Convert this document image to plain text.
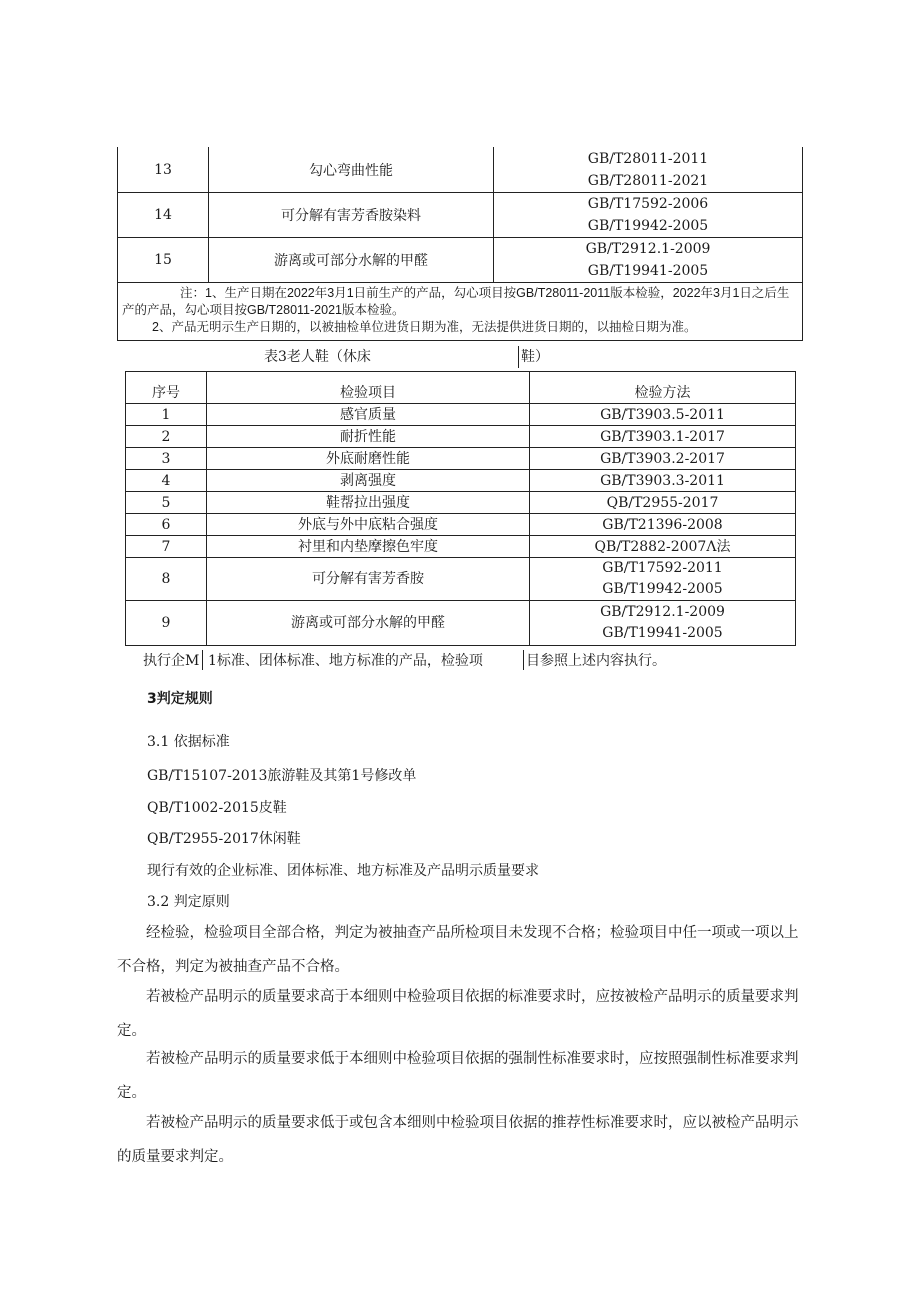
13	勾心弯曲性能	GB/T28011-2011
GB/T28011-2021

14	可分解有害芳香胺染料	GB/T17592-2006
GB/T19942-2005

15	游离或可部分水解的甲醛	GB/T2912.1-2009
GB/T19941-2005

注：1、生产日期在2022年3月1日前生产的产品，勾心项目按GB/T28011-2011版本检验，2022年3月1日之后生产的产品，勾心项目按GB/T28011-2021版本检验。
2、产品无明示生产日期的，以被抽检单位进货日期为准，无法提供进货日期的，以抽检日期为准。		
表3老人鞋（休床	鞋）
序号	检验项目	检验方法
1	感官质量	GB/T3903.5-2011
2	耐折性能	GB/T3903.1-2017
3	外底耐磨性能	GB/T3903.2-2017
4	剥离强度	GB/T3903.3-2011
5	鞋帮拉出强度	QB/T2955-2017
6	外底与外中底粘合强度	GB/T21396-2008
7	衬里和内垫摩擦色牢度	QB/T2882-2007Λ法
8	可分解有害芳香胺	GB/T17592-2011
GB/T19942-2005

9	游离或可部分水解的甲醛	GB/T2912.1-2009
GB/T19941-2005
执行企M 1标准、团体标准、地方标准的产品，检验项	目参照上述内容执行。
3判定规则
3.1 依据标准
GB/T15107-2013旅游鞋及其第1号修改单
QB/T1002-2015皮鞋
QB/T2955-2017休闲鞋
现行有效的企业标准、团体标准、地方标准及产品明示质量要求
3.2 判定原则
经检验，检验项目全部合格，判定为被抽查产品所检项目未发现不合格；检验项目中任一项或一项以上不合格，判定为被抽查产品不合格。
若被检产品明示的质量要求高于本细则中检验项目依据的标准要求时，应按被检产品明示的质量要求判定。
若被检产品明示的质量要求低于本细则中检验项目依据的强制性标准要求时，应按照强制性标准要求判定。
若被检产品明示的质量要求低于或包含本细则中检验项目依据的推荐性标准要求时，应以被检产品明示的质量要求判定。
